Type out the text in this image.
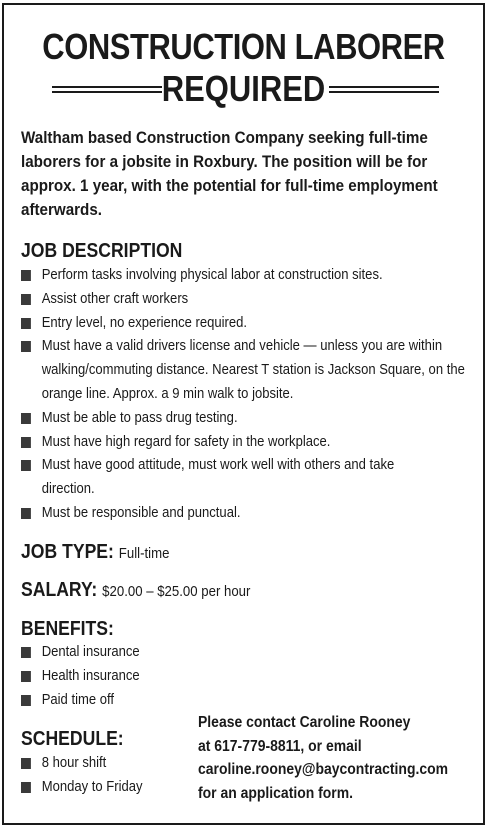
CONSTRUCTION LABORER
REQUIRED
Waltham based Construction Company seeking full-time laborers for a jobsite in Roxbury. The position will be for approx. 1 year, with the potential for full-time employment afterwards.
JOB DESCRIPTION
Perform tasks involving physical labor at construction sites.
Assist other craft workers
Entry level, no experience required.
Must have a valid drivers license and vehicle — unless you are within walking/commuting distance. Nearest T station is Jackson Square, on the orange line. Approx. a 9 min walk to jobsite.
Must be able to pass drug testing.
Must have high regard for safety in the workplace.
Must have good attitude, must work well with others and take direction.
Must be responsible and punctual.
JOB TYPE: Full-time
SALARY: $20.00 – $25.00 per hour
BENEFITS:
Dental insurance
Health insurance
Paid time off
SCHEDULE:
8 hour shift
Monday to Friday
Please contact Caroline Rooney
at 617-779-8811, or email
caroline.rooney@baycontracting.com
for an application form.
